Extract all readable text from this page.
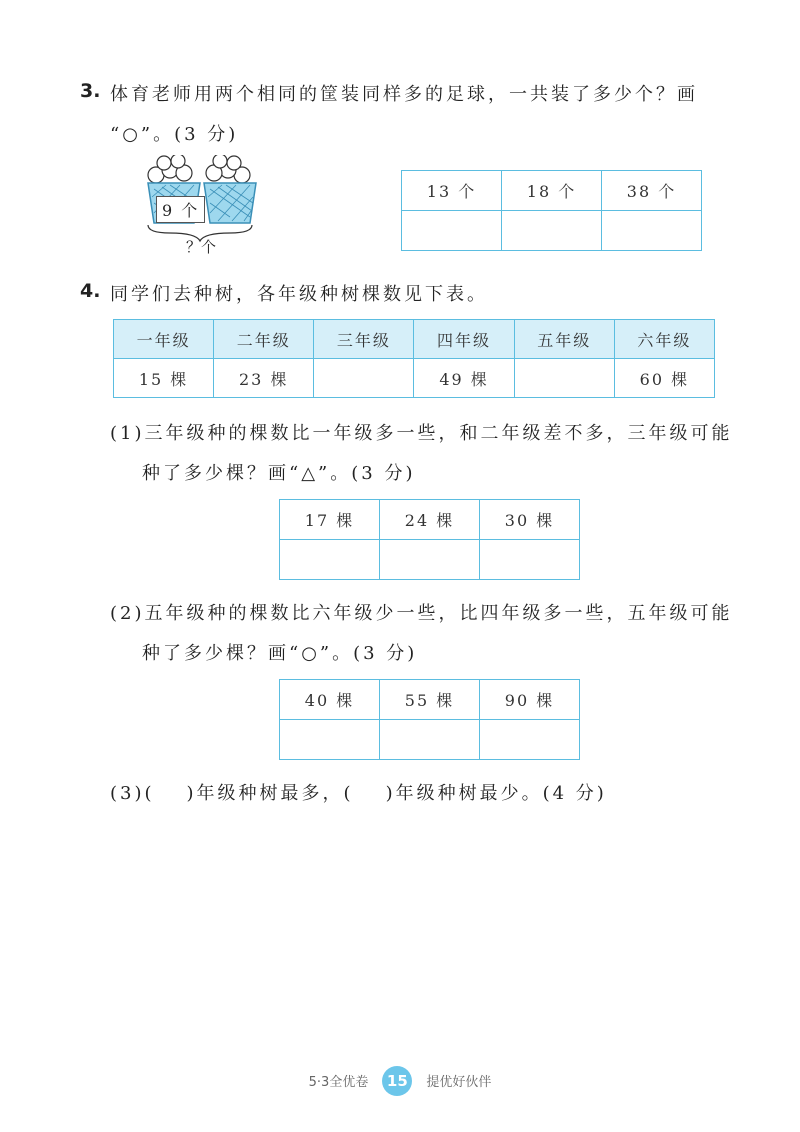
3. 体育老师用两个相同的筐装同样多的足球，一共装了多少个？画
“○”。(3 分)
9 个
？个
13 个	18 个	38 个

4. 同学们去种树，各年级种树棵数见下表。
一年级	二年级	三年级	四年级	五年级	六年级
15 棵	23 棵		49 棵		60 棵
(1)三年级种的棵数比一年级多一些，和二年级差不多，三年级可能
种了多少棵？画“△”。(3 分)
17 棵	24 棵	30 棵

(2)五年级种的棵数比六年级少一些，比四年级多一些，五年级可能
种了多少棵？画“○”。(3 分)
40 棵	55 棵	90 棵

(3)( )年级种树最多，( )年级种树最少。(4 分)
5·3全优卷 15 提优好伙伴
